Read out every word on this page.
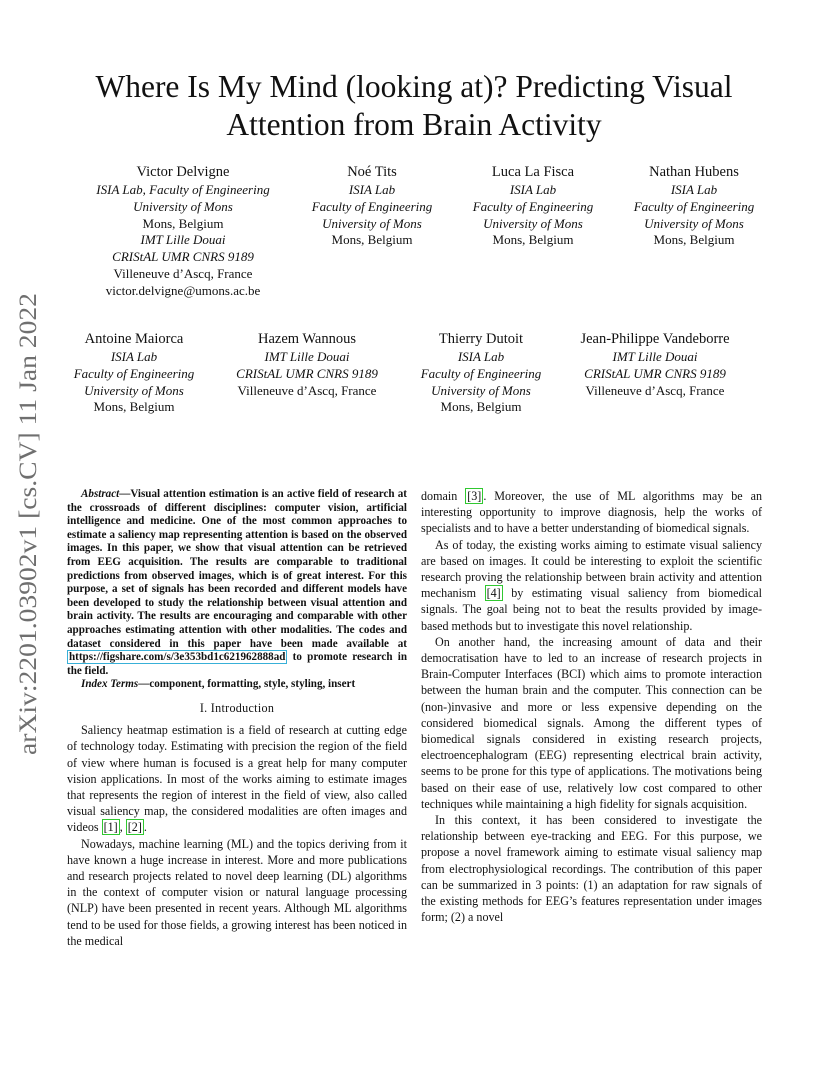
arXiv:2201.03902v1 [cs.CV] 11 Jan 2022
Where Is My Mind (looking at)? Predicting Visual Attention from Brain Activity
Victor Delvigne
ISIA Lab, Faculty of Engineering
University of Mons
Mons, Belgium
IMT Lille Douai
CRIStAL UMR CNRS 9189
Villeneuve d’Ascq, France
victor.delvigne@umons.ac.be
Noé Tits
ISIA Lab
Faculty of Engineering
University of Mons
Mons, Belgium
Luca La Fisca
ISIA Lab
Faculty of Engineering
University of Mons
Mons, Belgium
Nathan Hubens
ISIA Lab
Faculty of Engineering
University of Mons
Mons, Belgium
Antoine Maiorca
ISIA Lab
Faculty of Engineering
University of Mons
Mons, Belgium
Hazem Wannous
IMT Lille Douai
CRIStAL UMR CNRS 9189
Villeneuve d’Ascq, France
Thierry Dutoit
ISIA Lab
Faculty of Engineering
University of Mons
Mons, Belgium
Jean-Philippe Vandeborre
IMT Lille Douai
CRIStAL UMR CNRS 9189
Villeneuve d’Ascq, France

Abstract—Visual attention estimation is an active field of research at the crossroads of different disciplines: computer vision, artificial intelligence and medicine. One of the most common approaches to estimate a saliency map representing attention is based on the observed images. In this paper, we show that visual attention can be retrieved from EEG acquisition. The results are comparable to traditional predictions from observed images, which is of great interest. For this purpose, a set of signals has been recorded and different models have been developed to study the relationship between visual attention and brain activity. The results are encouraging and comparable with other approaches estimating attention with other modalities. The codes and dataset considered in this paper have been made available at https://figshare.com/s/3e353bd1c621962888ad to promote research in the field.

Index Terms—component, formatting, style, styling, insert

I. Introduction

Saliency heatmap estimation is a field of research at cutting edge of technology today. Estimating with precision the region of the field of view where human is focused is a great help for many computer vision applications. In most of the works aiming to estimate images that represents the region of interest in the field of view, also called visual saliency map, the considered modalities are often images and videos [1] , [2] .

Nowadays, machine learning (ML) and the topics deriving from it have known a huge increase in interest. More and more publications and research projects related to novel deep learning (DL) algorithms in the context of computer vision or natural language processing (NLP) have been presented in recent years. Although ML algorithms tend to be used for those fields, a growing interest has been noticed in the medical

domain [3] . Moreover, the use of ML algorithms may be an interesting opportunity to improve diagnosis, help the works of specialists and to have a better understanding of biomedical signals.

As of today, the existing works aiming to estimate visual saliency are based on images. It could be interesting to exploit the scientific research proving the relationship between brain activity and attention mechanism [4] by estimating visual saliency from biomedical signals. The goal being not to beat the results provided by image-based methods but to investigate this novel relationship.

On another hand, the increasing amount of data and their democratisation have to led to an increase of research projects in Brain-Computer Interfaces (BCI) which aims to promote interaction between the human brain and the computer. This connection can be (non-)invasive and more or less expensive depending on the considered biomedical signals. Among the different types of biomedical signals considered in existing research projects, electroencephalogram (EEG) representing electrical brain activity, seems to be prone for this type of applications. The motivations being based on their ease of use, relatively low cost compared to other techniques while maintaining a high fidelity for signals acquisition.

In this context, it has been considered to investigate the relationship between eye-tracking and EEG. For this purpose, we propose a novel framework aiming to estimate visual saliency map from electrophysiological recordings. The contribution of this paper can be summarized in 3 points: (1) an adaptation for raw signals of the existing methods for EEG’s features representation under images form; (2) a novel
